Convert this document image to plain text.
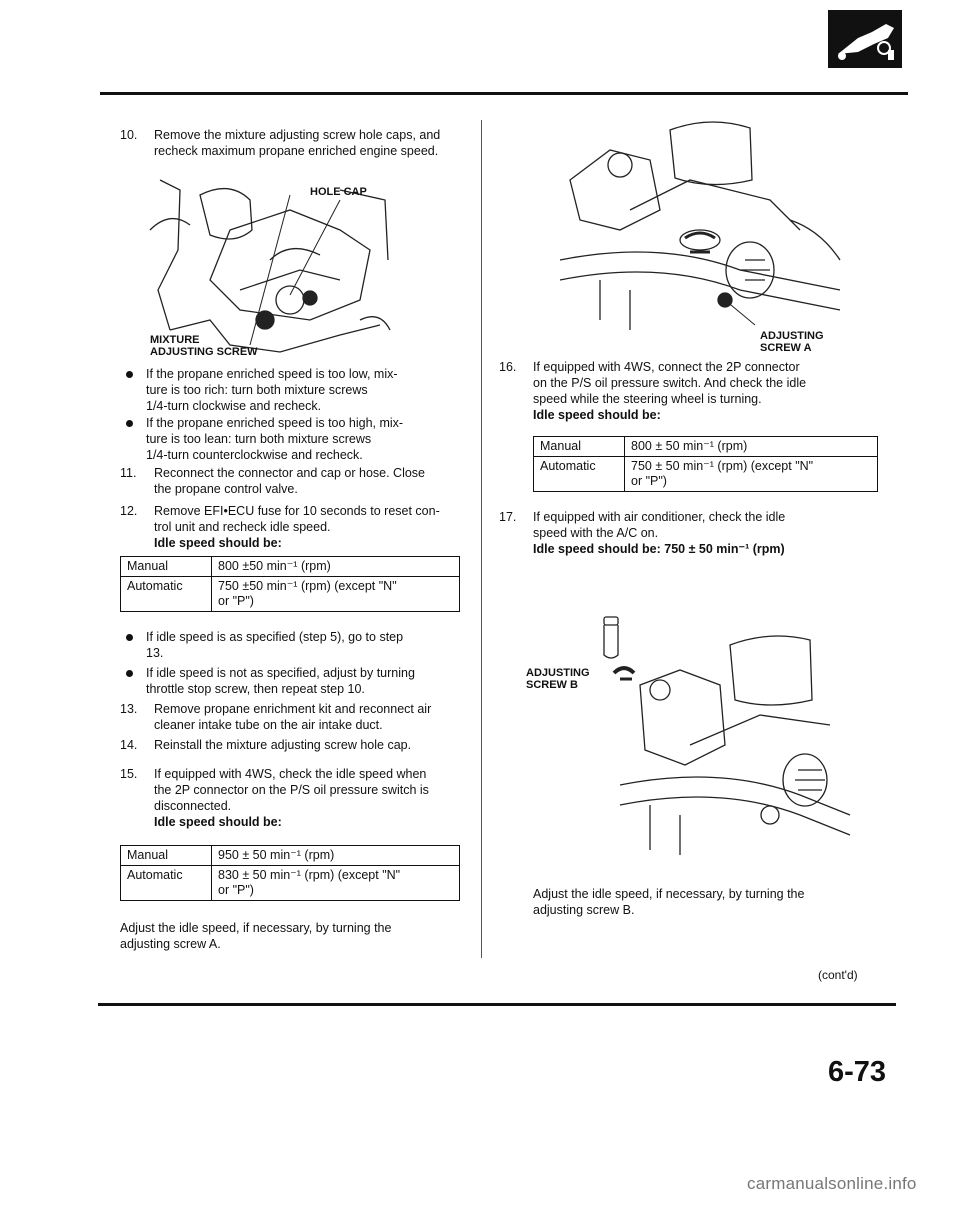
10. Remove the mixture adjusting screw hole caps, and
recheck maximum propane enriched engine speed.
HOLE CAP
MIXTURE
ADJUSTING SCREW
If the propane enriched speed is too low, mix-
ture is too rich: turn both mixture screws
1/4-turn clockwise and recheck.
If the propane enriched speed is too high, mix-
ture is too lean: turn both mixture screws
1/4-turn counterclockwise and recheck.
11. Reconnect the connector and cap or hose. Close
the propane control valve.
12. Remove EFI•ECU fuse for 10 seconds to reset con-
trol unit and recheck idle speed.
Idle speed should be:
Manual	800 ±50 min⁻¹ (rpm)
Automatic	750 ±50 min⁻¹ (rpm) (except "N"
or "P")
If idle speed is as specified (step 5), go to step
13.
If idle speed is not as specified, adjust by turning
throttle stop screw, then repeat step 10.
13. Remove propane enrichment kit and reconnect air
cleaner intake tube on the air intake duct.
14. Reinstall the mixture adjusting screw hole cap.
15. If equipped with 4WS, check the idle speed when
the 2P connector on the P/S oil pressure switch is
disconnected.
Idle speed should be:
Manual	950 ± 50 min⁻¹ (rpm)
Automatic	830 ± 50 min⁻¹ (rpm) (except "N"
or "P")
Adjust the idle speed, if necessary, by turning the
adjusting screw A.
ADJUSTING
SCREW A
16. If equipped with 4WS, connect the 2P connector
on the P/S oil pressure switch. And check the idle
speed while the steering wheel is turning.
Idle speed should be:
Manual	800 ± 50 min⁻¹ (rpm)
Automatic	750 ± 50 min⁻¹ (rpm) (except "N"
or "P")
17. If equipped with air conditioner, check the idle
speed with the A/C on.
Idle speed should be: 750 ± 50 min⁻¹ (rpm)
ADJUSTING
SCREW B
Adjust the idle speed, if necessary, by turning the
adjusting screw B.
(cont'd)
6-73
carmanualsonline.info
